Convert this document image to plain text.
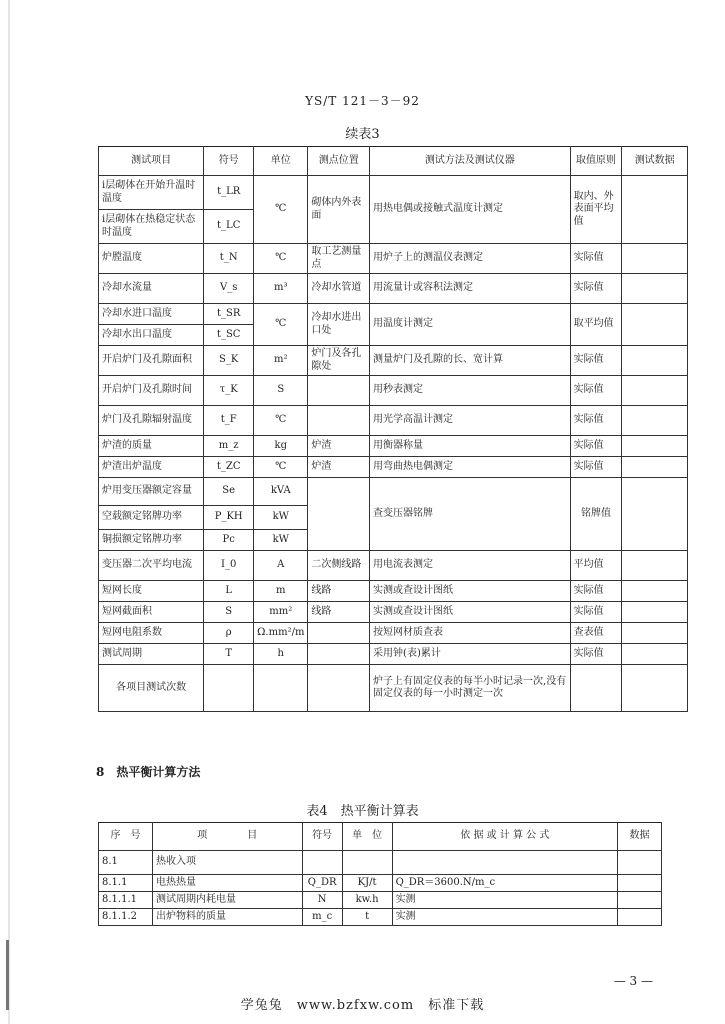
YS/T 121－3－92
续表3
测试项目	符号	单位	测点位置	测试方法及测试仪器	取值原则	测试数据
i层砌体在开始升温时温度	t_LR	℃	砌体内外表面	用热电偶或接触式温度计测定	取内、外表面平均值	
i层砌体在热稳定状态时温度	t_LC					
炉膛温度	t_N	℃	取工艺测量点	用炉子上的测温仪表测定	实际值	
冷却水流量	V_s	m³	冷却水管道	用流量计或容积法测定	实际值	
冷却水进口温度	t_SR	℃	冷却水进出口处	用温度计测定	取平均值	
冷却水出口温度	t_SC					
开启炉门及孔隙面积	S_K	m²	炉门及各孔隙处	测量炉门及孔隙的长、宽计算	实际值	
开启炉门及孔隙时间	τ_K	S		用秒表测定	实际值	
炉门及孔隙辐射温度	t_F	℃		用光学高温计测定	实际值	
炉渣的质量	m_z	kg	炉渣	用衡器称量	实际值	
炉渣出炉温度	t_ZC	℃	炉渣	用弯曲热电偶测定	实际值	
炉用变压器额定容量	Se	kVA		查变压器铭牌	铭牌值	
空载额定铭牌功率	P_KH	kW				
铜损额定铭牌功率	Pc	kW				
变压器二次平均电流	I_0	A	二次侧线路	用电流表测定	平均值	
短网长度	L	m	线路	实测或查设计图纸	实际值	
短网截面积	S	mm²	线路	实测或查设计图纸	实际值	
短网电阻系数	ρ	Ω.mm²/m		按短网材质查表	查表值	
测试周期	T	h		采用钟(表)累计	实际值	
各项目测试次数				炉子上有固定仪表的每半小时记录一次,没有固定仪表的每一小时测定一次		
8　热平衡计算方法
表4　热平衡计算表
序　号	项　　　　目	符号	单　位	依 据 或 计 算 公 式	数据
8.1	热收入项				
8.1.1	电热热量	Q_DR	KJ/t	Q_DR＝3600.N/m_c	
8.1.1.1	测试周期内耗电量	N	kw.h	实测	
8.1.1.2	出炉物料的质量	m_c	t	实测	
— 3 —
学兔兔　www.bzfxw.com　标准下载
